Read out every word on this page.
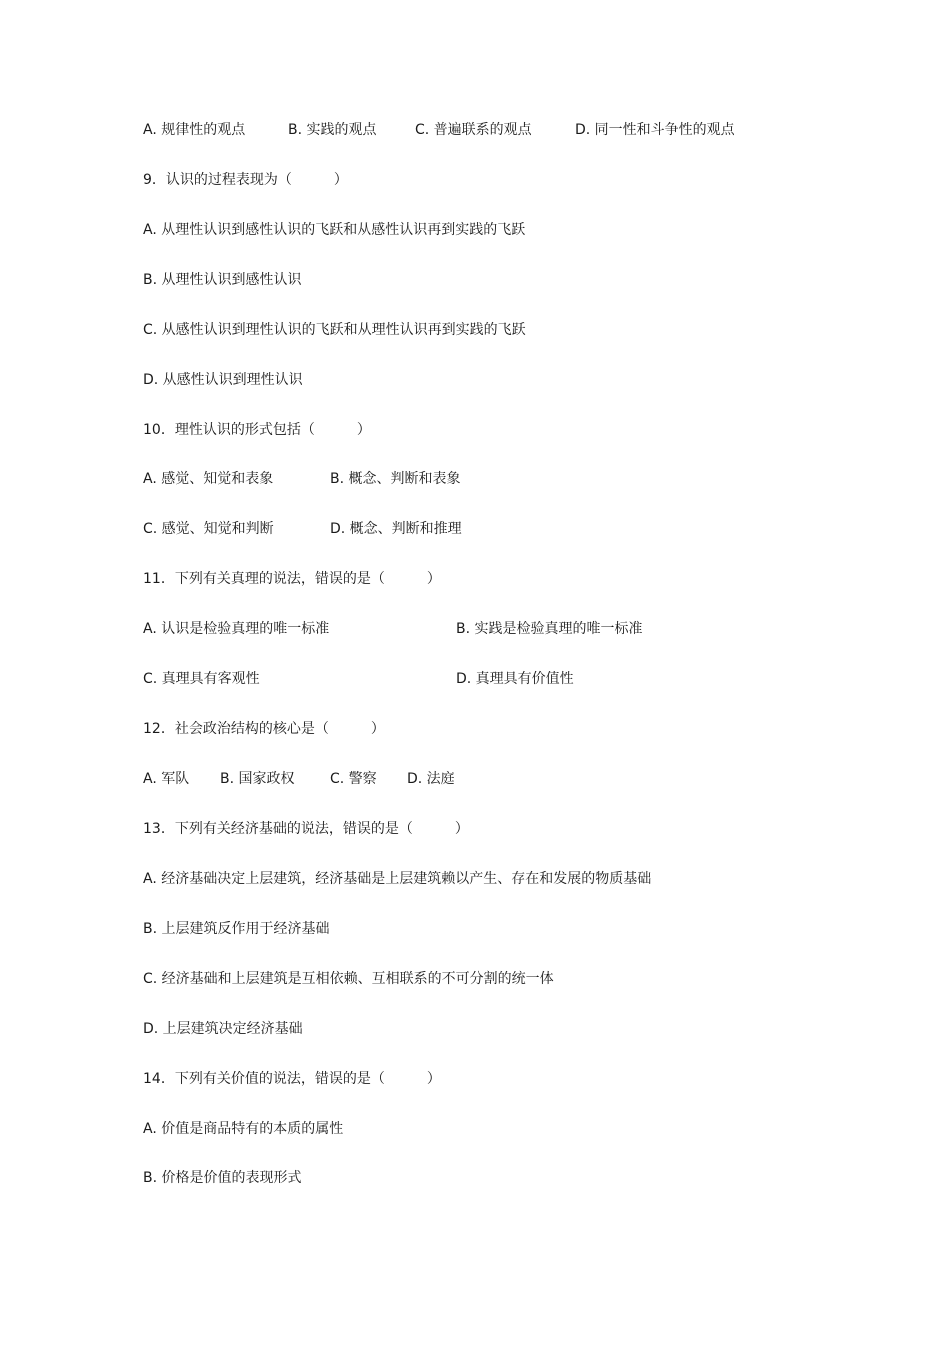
A. 规律性的观点	B. 实践的观点	C. 普遍联系的观点	D. 同一性和斗争性的观点
9．认识的过程表现为（　　　）
A. 从理性认识到感性认识的飞跃和从感性认识再到实践的飞跃
B. 从理性认识到感性认识
C. 从感性认识到理性认识的飞跃和从理性认识再到实践的飞跃
D. 从感性认识到理性认识
10．理性认识的形式包括（　　　）
A. 感觉、知觉和表象	B. 概念、判断和表象
C. 感觉、知觉和判断	D. 概念、判断和推理
11．下列有关真理的说法，错误的是（　　　）
A. 认识是检验真理的唯一标准	B. 实践是检验真理的唯一标准
C. 真理具有客观性	D. 真理具有价值性
12．社会政治结构的核心是（　　　）
A. 军队 B. 国家政权	C. 警察 D. 法庭
13．下列有关经济基础的说法，错误的是（　　　）
A. 经济基础决定上层建筑，经济基础是上层建筑赖以产生、存在和发展的物质基础
B. 上层建筑反作用于经济基础
C. 经济基础和上层建筑是互相依赖、互相联系的不可分割的统一体
D. 上层建筑决定经济基础
14．下列有关价值的说法，错误的是（　　　）
A. 价值是商品特有的本质的属性
B. 价格是价值的表现形式
